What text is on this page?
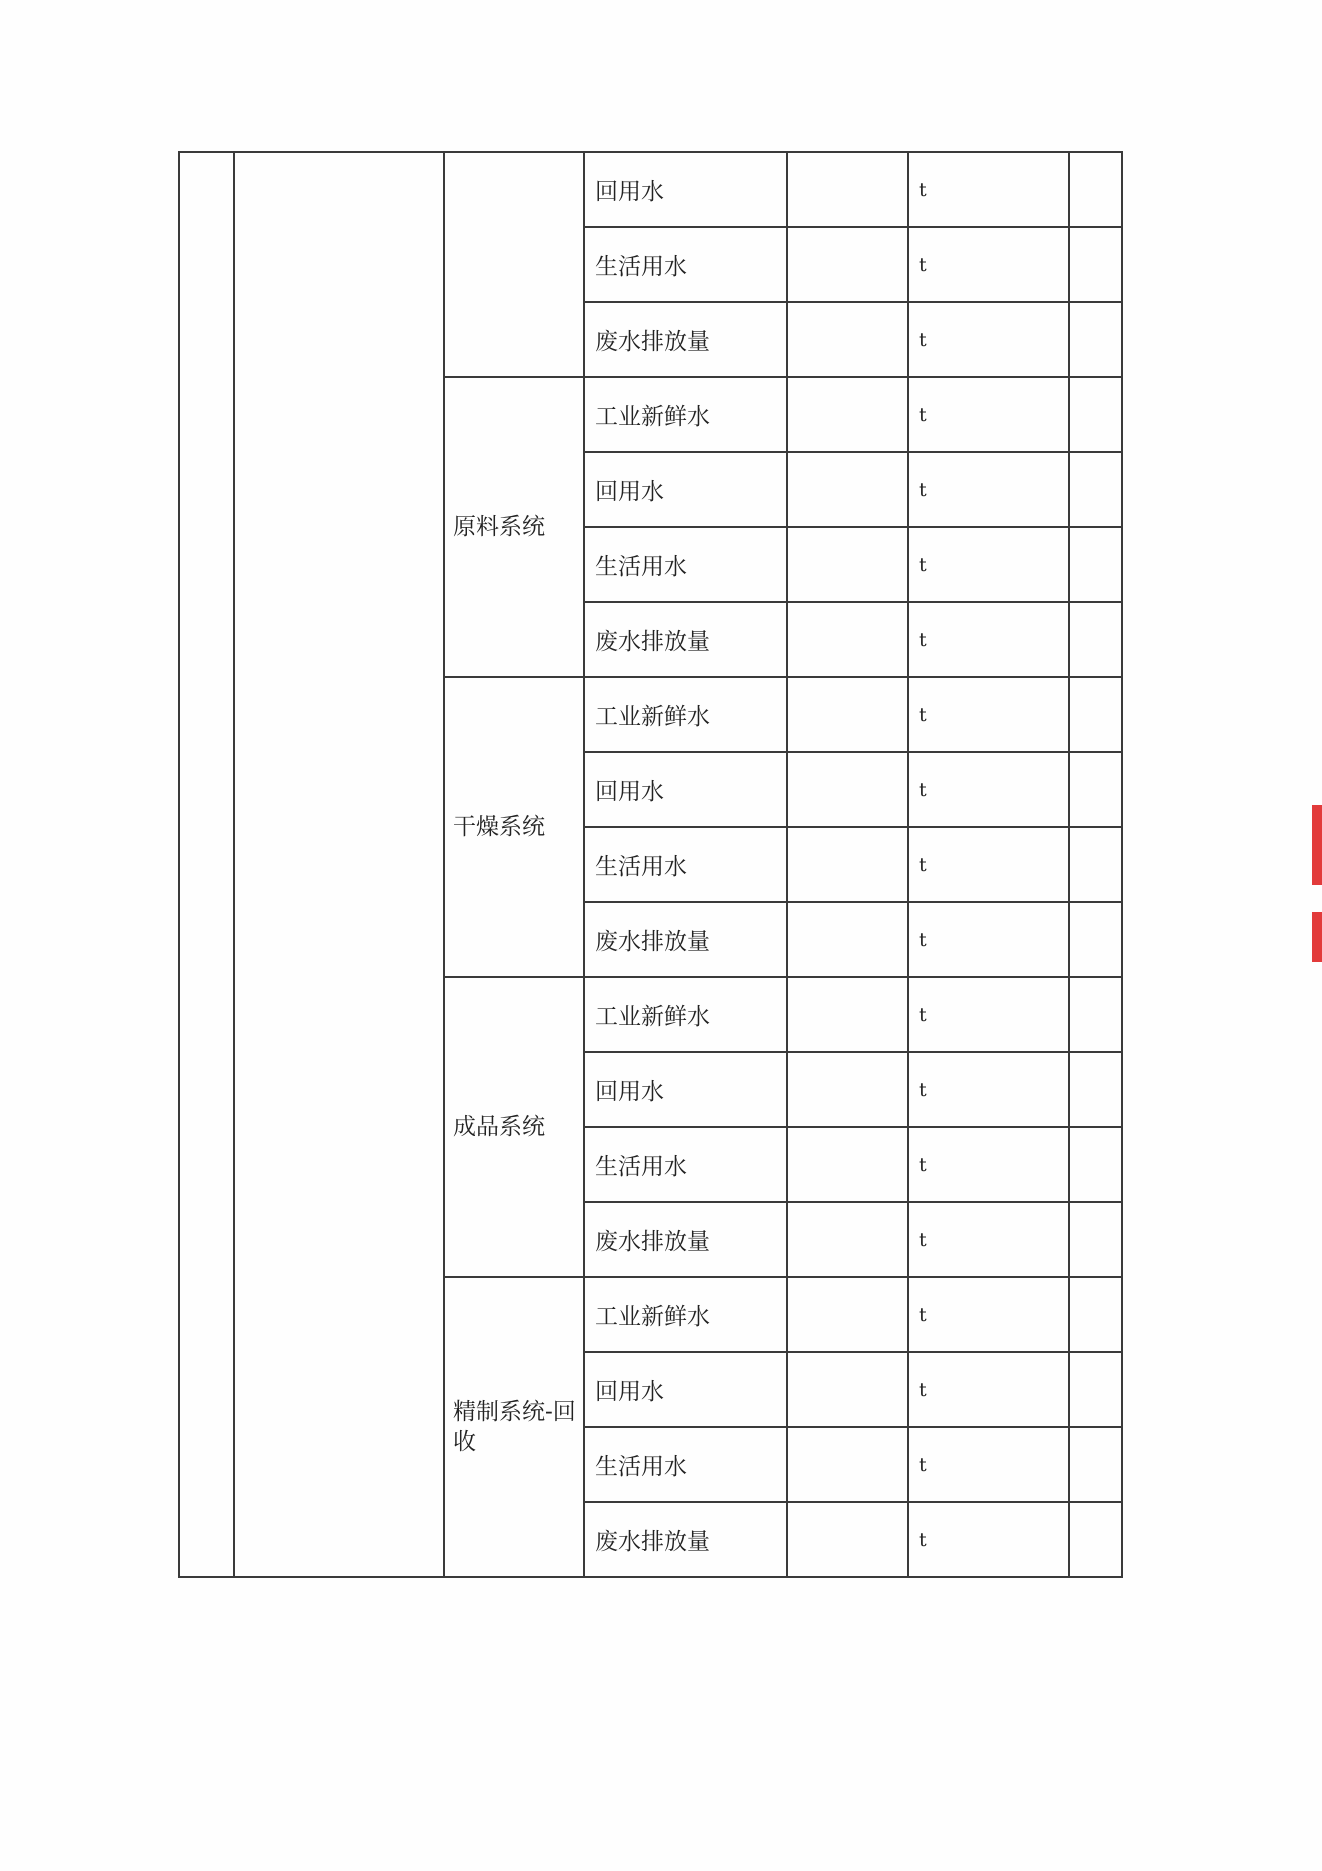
			回用水		t	
			生活用水		t	
			废水排放量		t	
		原料系统	工业新鲜水		t	
			回用水		t	
			生活用水		t	
			废水排放量		t	
		干燥系统	工业新鲜水		t	
			回用水		t	
			生活用水		t	
			废水排放量		t	
		成品系统	工业新鲜水		t	
			回用水		t	
			生活用水		t	
			废水排放量		t	
		精制系统-回收	工业新鲜水		t	
			回用水		t	
			生活用水		t	
			废水排放量		t	
